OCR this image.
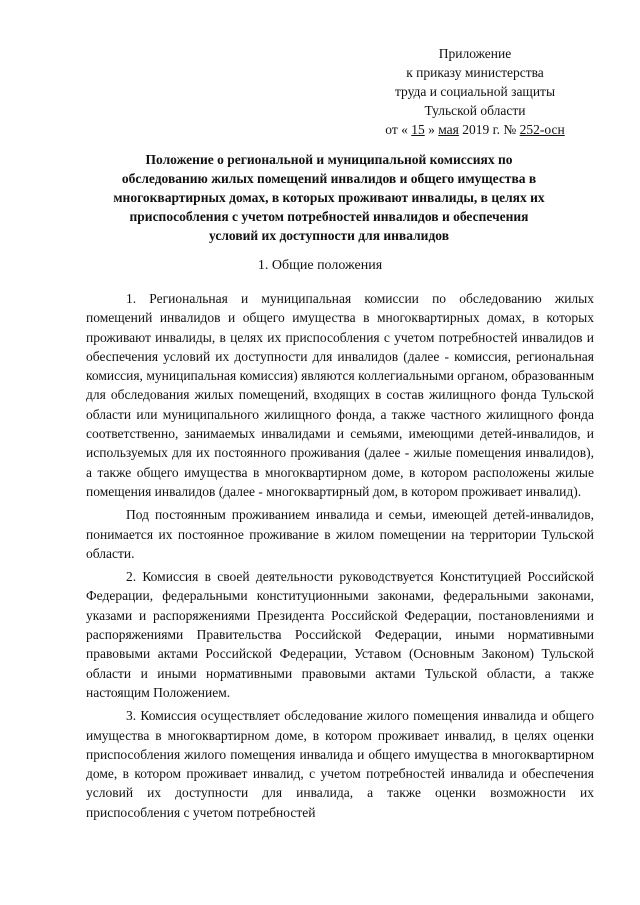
Приложение
к приказу министерства
труда и социальной защиты
Тульской области
от « 15 » мая 2019 г. № 252-осн
Положение о региональной и муниципальной комиссиях по
обследованию жилых помещений инвалидов и общего имущества в
многоквартирных домах, в которых проживают инвалиды, в целях их
приспособления с учетом потребностей инвалидов и обеспечения
условий их доступности для инвалидов
1. Общие положения

1. Региональная и муниципальная комиссии по обследованию жилых помещений инвалидов и общего имущества в многоквартирных домах, в которых проживают инвалиды, в целях их приспособления с учетом потребностей инвалидов и обеспечения условий их доступности для инвалидов (далее - комиссия, региональная комиссия, муниципальная комиссия) являются коллегиальными органом, образованным для обследования жилых помещений, входящих в состав жилищного фонда Тульской области или муниципального жилищного фонда, а также частного жилищного фонда соответственно, занимаемых инвалидами и семьями, имеющими детей-инвалидов, и используемых для их постоянного проживания (далее - жилые помещения инвалидов), а также общего имущества в многоквартирном доме, в котором расположены жилые помещения инвалидов (далее - многоквартирный дом, в котором проживает инвалид).

Под постоянным проживанием инвалида и семьи, имеющей детей-инвалидов, понимается их постоянное проживание в жилом помещении на территории Тульской области.

2. Комиссия в своей деятельности руководствуется Конституцией Российской Федерации, федеральными конституционными законами, федеральными законами, указами и распоряжениями Президента Российской Федерации, постановлениями и распоряжениями Правительства Российской Федерации, иными нормативными правовыми актами Российской Федерации, Уставом (Основным Законом) Тульской области и иными нормативными правовыми актами Тульской области, а также настоящим Положением.

3. Комиссия осуществляет обследование жилого помещения инвалида и общего имущества в многоквартирном доме, в котором проживает инвалид, в целях оценки приспособления жилого помещения инвалида и общего имущества в многоквартирном доме, в котором проживает инвалид, с учетом потребностей инвалида и обеспечения условий их доступности для инвалида, а также оценки возможности их приспособления с учетом потребностей
